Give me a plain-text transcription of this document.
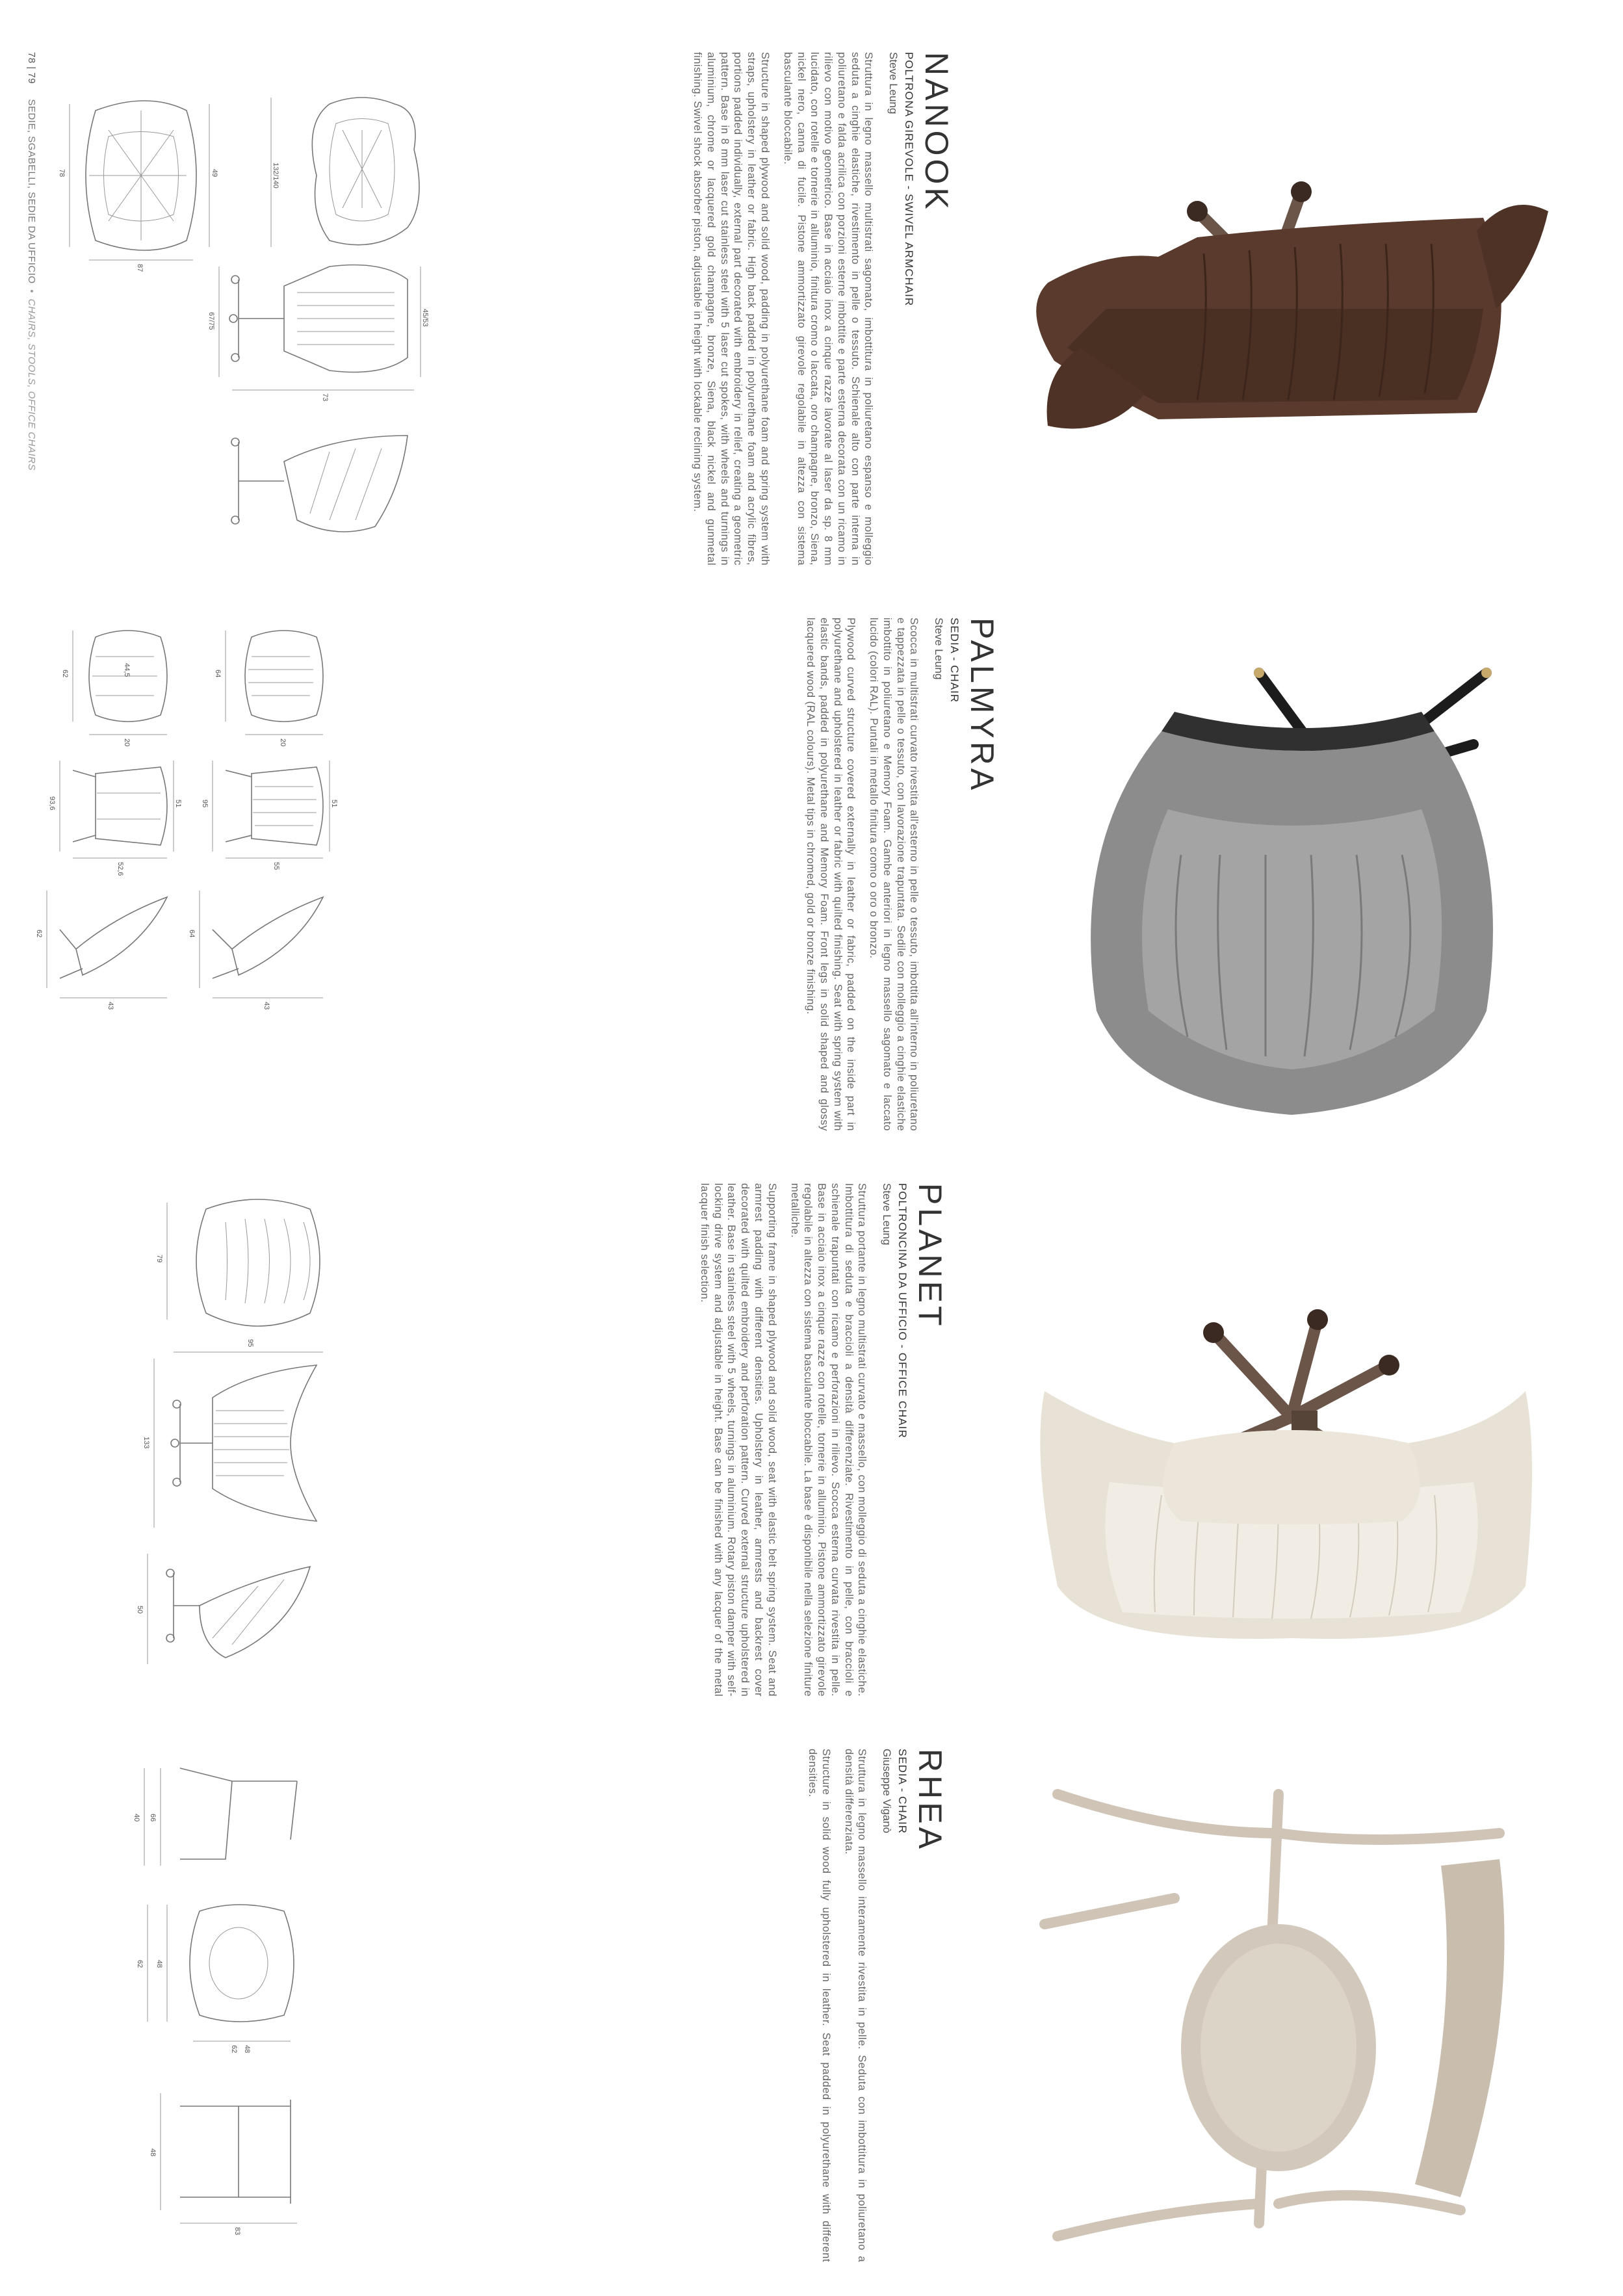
NANOOK
POLTRONA GIREVOLE - SWIVEL ARMCHAIR
Steve Leung
Struttura in legno massello multistrati sagomato, imbottitura in poliuretano espanso e molleggio seduta a cinghie elastiche, rivestimento in pelle o tessuto. Schienale alto con parte interna in poliuretano e falda acrilica con porzioni esterne imbottite e parte esterna decorata con un ricamo in rilievo con motivo geometrico. Base in acciaio inox a cinque razze lavorate al laser da sp. 8 mm lucidato, con rotelle e tornerie in alluminio, finitura cromo o laccata, oro champagne, bronzo, Siena, nickel nero, canna di fucile. Pistone ammortizzato girevole regolabile in altezza con sistema basculante bloccabile.
Structure in shaped plywood and solid wood, padding in polyurethane foam and spring system with straps, upholstery in leather or fabric. High back padded in polyurethane foam and acrylic fibres, portions padded individually, external part decorated with embroidery in relief, creating a geometric pattern. Base in 8 mm laser cut stainless steel with 5 laser cut spokes, with wheels and turnings in aluminium, chrome or lacquered gold champagne, bronze, Siena, black nickel and gunmetal finishing. Swivel shock absorber piston, adjustable in height with lockable reclining system.
132/140
73
67/75	45/53
78
87
49
PALMYRA
SEDIA - CHAIR
Steve Leung
Scocca in multistrati curvato rivestita all'esterno in pelle o tessuto, imbottita all'interno in poliuretano e tappezzata in pelle o tessuto, con lavorazione trapuntata. Sedile con molleggio a cinghie elastiche imbottito in poliuretano e Memory Foam. Gambe anteriori in legno massello sagomato e laccato lucido (colori RAL). Puntali in metallo finitura cromo o oro o bronzo.
Plywood curved structure covered externally in leather or fabric, padded on the inside part in polyurethane and upholstered in leather or fabric with quilted finishing. Seat with spring system with elastic bands, padded in polyurethane and Memory Foam. Front legs in solid shaped and glossy lacquered wood (RAL colours). Metal tips in chromed, gold or bronze finishing.
64
20
51
55
95
64
43
62	44,5
20
51
52,6
93,6
62
43
PLANET
POLTRONCINA DA UFFICIO - OFFICE CHAIR
Steve Leung
Struttura portante in legno multistrati curvato e massello, con molleggio di seduta a cinghie elastiche. Imbottitura di seduta e braccioli a densità differenziate. Rivestimento in pelle, con braccioli e schienale trapuntati con ricamo e perforazioni in rilievo. Scocca esterna curvata rivestita in pelle. Base in acciaio inox a cinque razze con rotelle, tornerie in alluminio. Pistone ammortizzato girevole regolabile in altezza con sistema basculante bloccabile. La base è disponibile nella selezione finiture metalliche.
Supporting frame in shaped plywood and solid wood, seat with elastic belt spring system. Seat and armrest padding with different densities. Upholstery in leather, armrests and backrest cover decorated with quilted embroidery and perforation pattern. Curved external structure upholstered in leather. Base in stainless steel with 5 wheels, turnings in aluminium. Rotary piston damper with self-locking drive system and adjustable in height. Base can be finished with any lacquer of the metal lacquer finish selection.
79
133
95
50
RHEA
SEDIA - CHAIR
Giuseppe Viganò
Struttura in legno massello interamente rivestita in pelle. Seduta con imbottitura in poliuretano a densità differenziata.
Structure in solid wood fully upholstered in leather. Seat padded in polyurethane with different densities.
66
40
48
62
48
62
48
83
78 | 79  SEDIE, SGABELLI, SEDIE DA UFFICIO • CHAIRS, STOOLS, OFFICE CHAIRS
